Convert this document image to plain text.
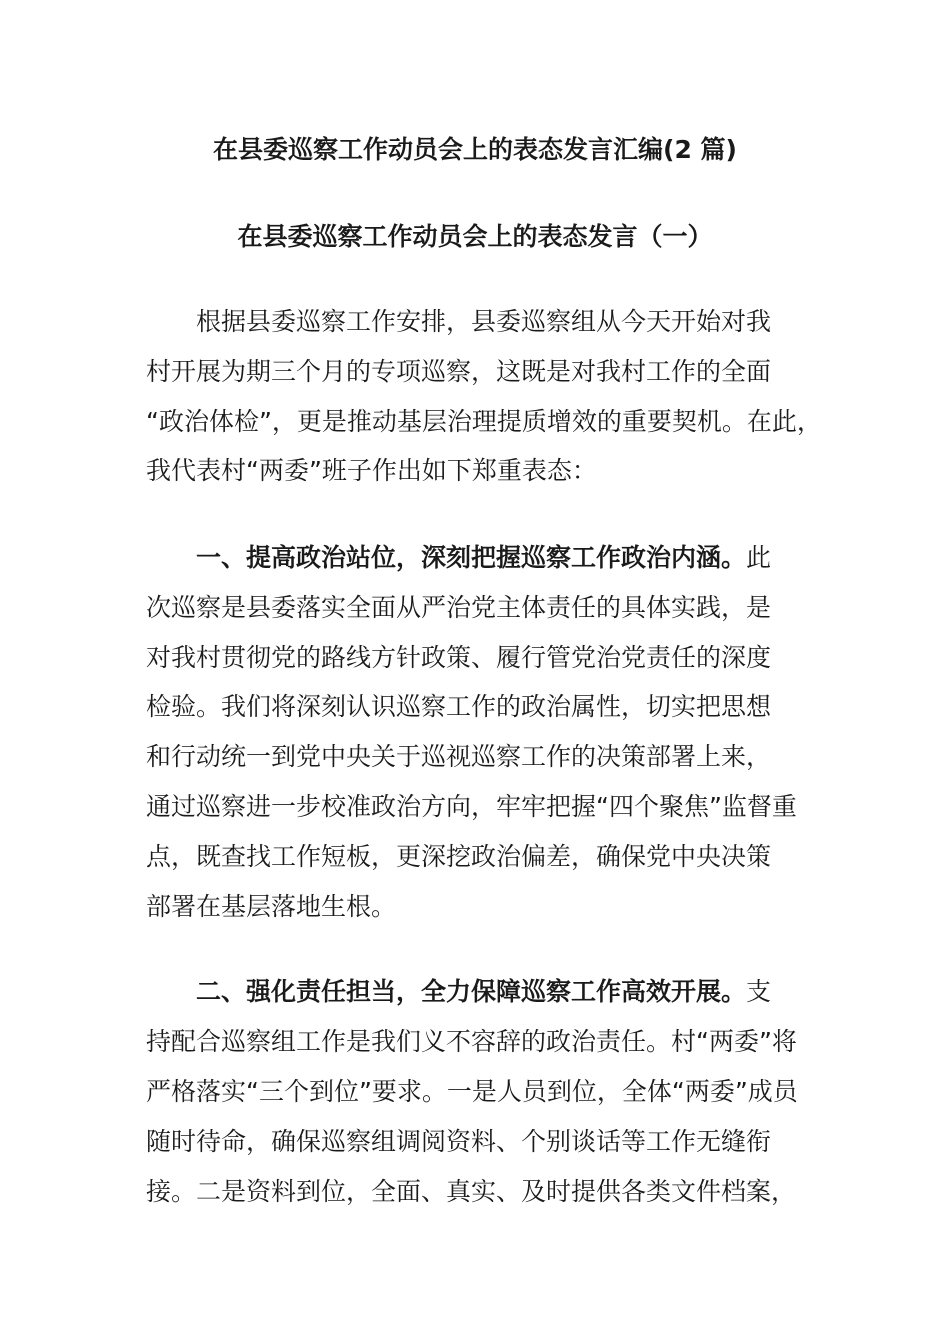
在县委巡察工作动员会上的表态发言汇编(2 篇)
在县委巡察工作动员会上的表态发言（一）
根据县委巡察工作安排，县委巡察组从今天开始对我
村开展为期三个月的专项巡察，这既是对我村工作的全面
“政治体检”，更是推动基层治理提质增效的重要契机。在此，
我代表村“两委”班子作出如下郑重表态：
一、提高政治站位，深刻把握巡察工作政治内涵。此
次巡察是县委落实全面从严治党主体责任的具体实践，是
对我村贯彻党的路线方针政策、履行管党治党责任的深度
检验。我们将深刻认识巡察工作的政治属性，切实把思想
和行动统一到党中央关于巡视巡察工作的决策部署上来，
通过巡察进一步校准政治方向，牢牢把握“四个聚焦”监督重
点，既查找工作短板，更深挖政治偏差，确保党中央决策
部署在基层落地生根。
二、强化责任担当，全力保障巡察工作高效开展。支
持配合巡察组工作是我们义不容辞的政治责任。村“两委”将
严格落实“三个到位”要求。一是人员到位，全体“两委”成员
随时待命，确保巡察组调阅资料、个别谈话等工作无缝衔
接。二是资料到位，全面、真实、及时提供各类文件档案，
